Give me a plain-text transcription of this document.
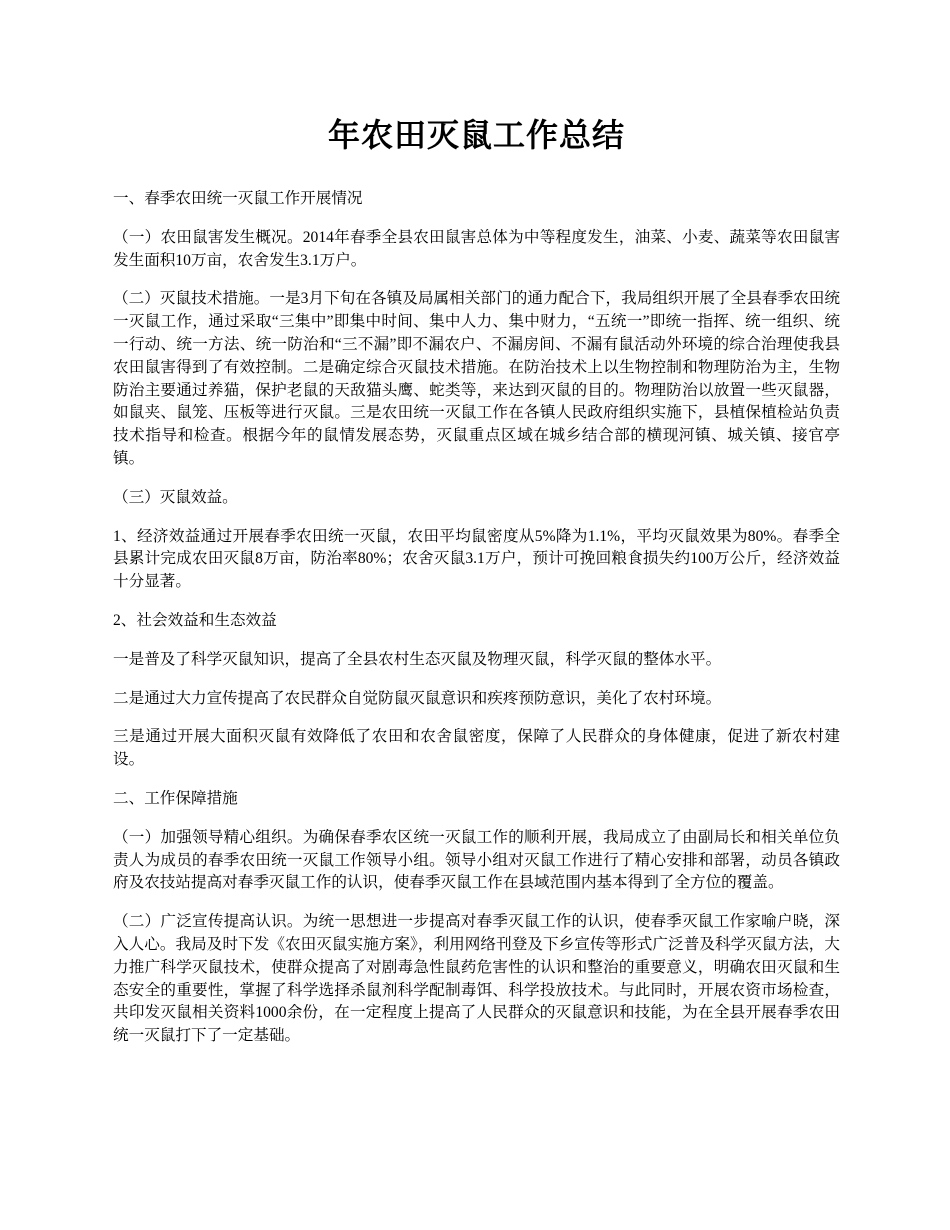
年农田灭鼠工作总结

一、春季农田统一灭鼠工作开展情况

（一）农田鼠害发生概况。2014年春季全县农田鼠害总体为中等程度发生，油菜、小麦、蔬菜等农田鼠害发生面积10万亩，农舍发生3.1万户。

（二）灭鼠技术措施。一是3月下旬在各镇及局属相关部门的通力配合下，我局组织开展了全县春季农田统一灭鼠工作，通过采取“三集中”即集中时间、集中人力、集中财力，“五统一”即统一指挥、统一组织、统一行动、统一方法、统一防治和“三不漏”即不漏农户、不漏房间、不漏有鼠活动外环境的综合治理使我县农田鼠害得到了有效控制。二是确定综合灭鼠技术措施。在防治技术上以生物控制和物理防治为主，生物防治主要通过养猫，保护老鼠的天敌猫头鹰、蛇类等，来达到灭鼠的目的。物理防治以放置一些灭鼠器，如鼠夹、鼠笼、压板等进行灭鼠。三是农田统一灭鼠工作在各镇人民政府组织实施下，县植保植检站负责技术指导和检查。根据今年的鼠情发展态势，灭鼠重点区域在城乡结合部的横现河镇、城关镇、接官亭镇。

（三）灭鼠效益。

1、经济效益通过开展春季农田统一灭鼠，农田平均鼠密度从5%降为1.1%，平均灭鼠效果为80%。春季全县累计完成农田灭鼠8万亩，防治率80%；农舍灭鼠3.1万户，预计可挽回粮食损失约100万公斤，经济效益十分显著。

2、社会效益和生态效益

一是普及了科学灭鼠知识，提高了全县农村生态灭鼠及物理灭鼠，科学灭鼠的整体水平。

二是通过大力宣传提高了农民群众自觉防鼠灭鼠意识和疾疼预防意识，美化了农村环境。

三是通过开展大面积灭鼠有效降低了农田和农舍鼠密度，保障了人民群众的身体健康，促进了新农村建设。

二、工作保障措施

（一）加强领导精心组织。为确保春季农区统一灭鼠工作的顺利开展，我局成立了由副局长和相关单位负责人为成员的春季农田统一灭鼠工作领导小组。领导小组对灭鼠工作进行了精心安排和部署，动员各镇政府及农技站提高对春季灭鼠工作的认识，使春季灭鼠工作在县域范围内基本得到了全方位的覆盖。

（二）广泛宣传提高认识。为统一思想进一步提高对春季灭鼠工作的认识，使春季灭鼠工作家喻户晓，深入人心。我局及时下发《农田灭鼠实施方案》，利用网络刊登及下乡宣传等形式广泛普及科学灭鼠方法，大力推广科学灭鼠技术，使群众提高了对剧毒急性鼠药危害性的认识和整治的重要意义，明确农田灭鼠和生态安全的重要性，掌握了科学选择杀鼠剂科学配制毒饵、科学投放技术。与此同时，开展农资市场检查，共印发灭鼠相关资料1000余份，在一定程度上提高了人民群众的灭鼠意识和技能，为在全县开展春季农田统一灭鼠打下了一定基础。
